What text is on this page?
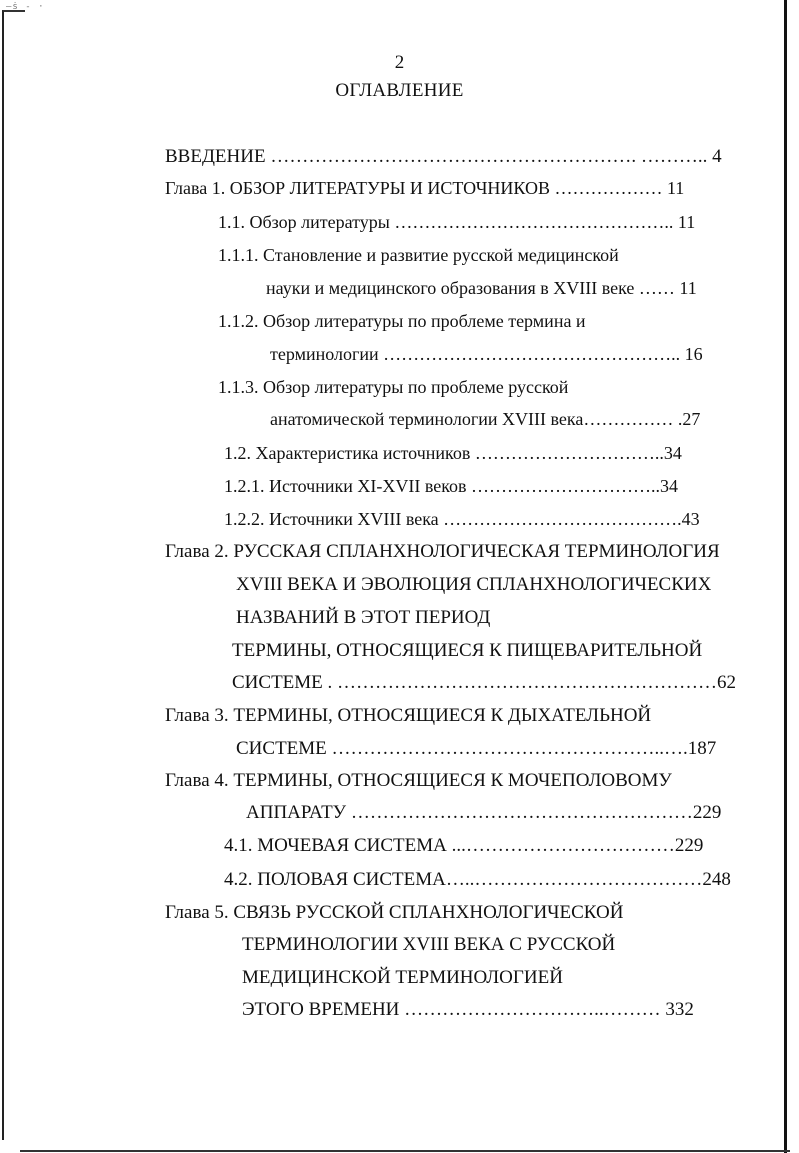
—ṡ - ·
2
ОГЛАВЛЕНИЕ
ВВЕДЕНИЕ …………………………………………………. ……….. 4
Глава 1. ОБЗОР ЛИТЕРАТУРЫ И ИСТОЧНИКОВ ……………… 11
1.1. Обзор литературы ……………………………………….. 11
1.1.1. Становление и развитие русской медицинской
науки и медицинского образования в XVIII веке …… 11
1.1.2. Обзор литературы по проблеме термина и
терминологии ………………………………………….. 16
1.1.3. Обзор литературы по проблеме русской
анатомической терминологии XVIII века…………… .27
1.2. Характеристика источников …………………………..34
1.2.1. Источники XI-XVII веков …………………………..34
1.2.2. Источники XVIII века ………………………………….43
Глава 2. РУССКАЯ СПЛАНХНОЛОГИЧЕСКАЯ ТЕРМИНОЛОГИЯ
XVIII ВЕКА И ЭВОЛЮЦИЯ СПЛАНХНОЛОГИЧЕСКИХ
НАЗВАНИЙ В ЭТОТ ПЕРИОД
ТЕРМИНЫ, ОТНОСЯЩИЕСЯ К ПИЩЕВАРИТЕЛЬНОЙ
СИСТЕМЕ . ……………………………………………………62
Глава 3. ТЕРМИНЫ, ОТНОСЯЩИЕСЯ К ДЫХАТЕЛЬНОЙ
СИСТЕМЕ ……………………………………………..….187
Глава 4. ТЕРМИНЫ, ОТНОСЯЩИЕСЯ К МОЧЕПОЛОВОМУ
АППАРАТУ ………………………………………………229
4.1. МОЧЕВАЯ СИСТЕМА ...……………………………229
4.2. ПОЛОВАЯ СИСТЕМА…..………………………………248
Глава 5. СВЯЗЬ РУССКОЙ СПЛАНХНОЛОГИЧЕСКОЙ
ТЕРМИНОЛОГИИ XVIII ВЕКА С РУССКОЙ
МЕДИЦИНСКОЙ ТЕРМИНОЛОГИЕЙ
ЭТОГО ВРЕМЕНИ …………………………..……… 332
